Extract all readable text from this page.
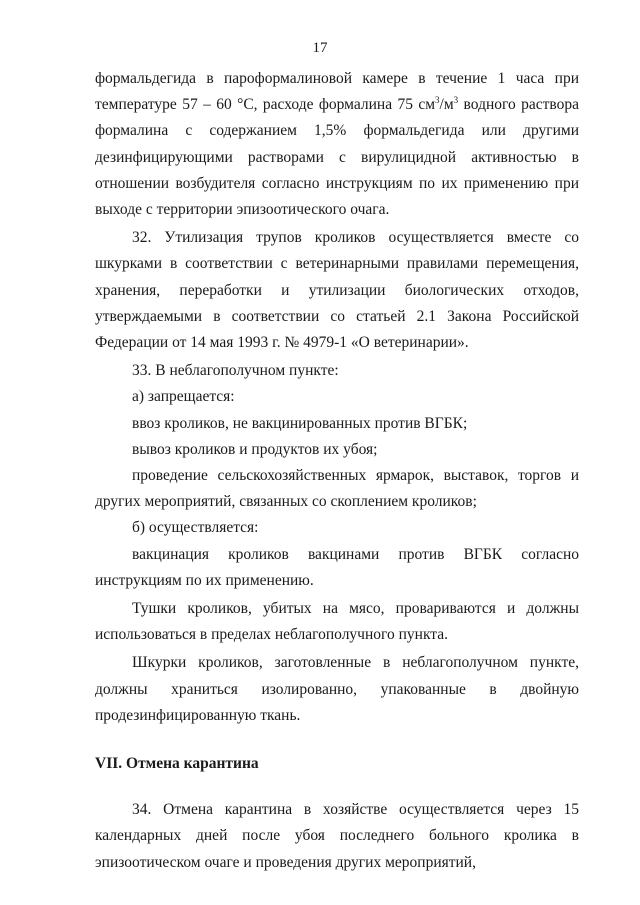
17

формальдегида в пароформалиновой камере в течение 1 часа при температуре 57 – 60 °С, расходе формалина 75 $см^3/м^3$ водного раствора формалина с содержанием 1,5% формальдегида или другими дезинфицирующими растворами с вирулицидной активностью в отношении возбудителя согласно инструкциям по их применению при выходе с территории эпизоотического очага.

32. Утилизация трупов кроликов осуществляется вместе со шкурками в соответствии с ветеринарными правилами перемещения, хранения, переработки и утилизации биологических отходов, утверждаемыми в соответствии со статьей 2.1 Закона Российской Федерации от 14 мая 1993 г. № 4979-1 «О ветеринарии».

33. В неблагополучном пункте:

а) запрещается:

ввоз кроликов, не вакцинированных против ВГБК;

вывоз кроликов и продуктов их убоя;

проведение сельскохозяйственных ярмарок, выставок, торгов и других мероприятий, связанных со скоплением кроликов;

б) осуществляется:

вакцинация кроликов вакцинами против ВГБК согласно инструкциям по их применению.

Тушки кроликов, убитых на мясо, провариваются и должны использоваться в пределах неблагополучного пункта.

Шкурки кроликов, заготовленные в неблагополучном пункте, должны храниться изолированно, упакованные в двойную продезинфицированную ткань.

VII. Отмена карантина

34. Отмена карантина в хозяйстве осуществляется через 15 календарных дней после убоя последнего больного кролика в эпизоотическом очаге и проведения других мероприятий,
